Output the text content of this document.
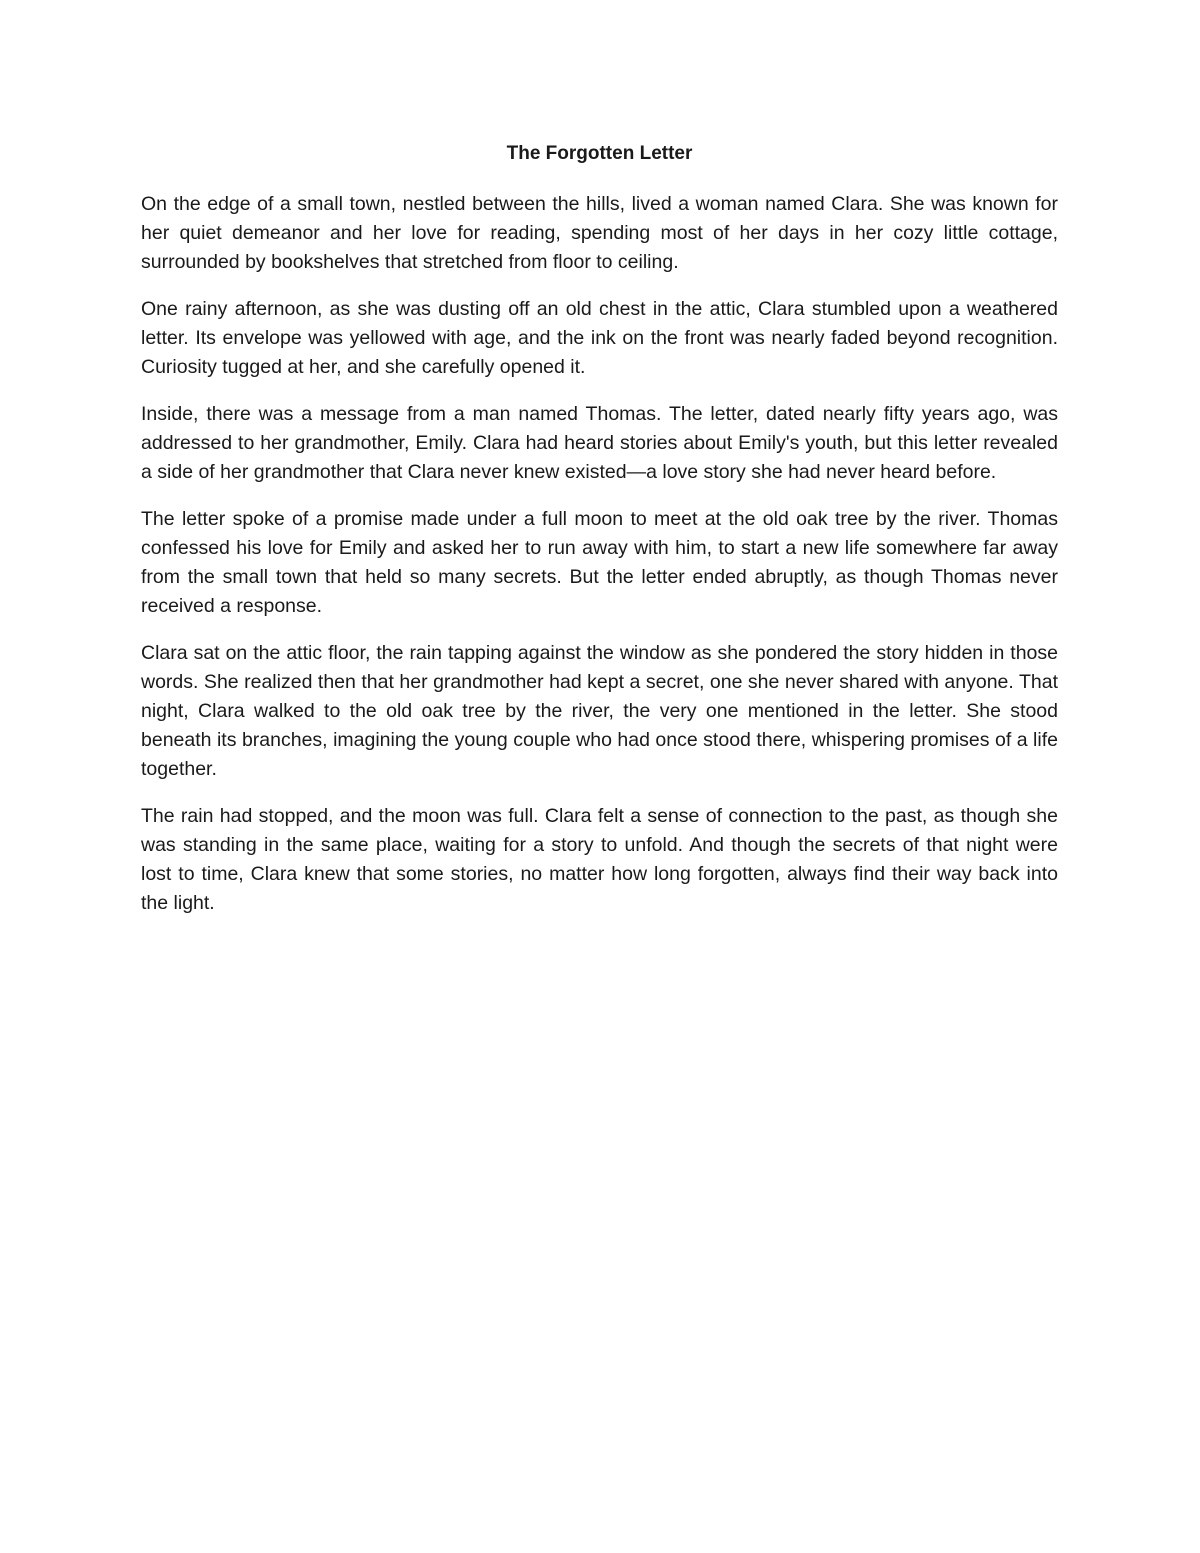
The Forgotten Letter

On the edge of a small town, nestled between the hills, lived a woman named Clara. She was known for her quiet demeanor and her love for reading, spending most of her days in her cozy little cottage, surrounded by bookshelves that stretched from floor to ceiling.

One rainy afternoon, as she was dusting off an old chest in the attic, Clara stumbled upon a weathered letter. Its envelope was yellowed with age, and the ink on the front was nearly faded beyond recognition. Curiosity tugged at her, and she carefully opened it.

Inside, there was a message from a man named Thomas. The letter, dated nearly fifty years ago, was addressed to her grandmother, Emily. Clara had heard stories about Emily's youth, but this letter revealed a side of her grandmother that Clara never knew existed—a love story she had never heard before.

The letter spoke of a promise made under a full moon to meet at the old oak tree by the river. Thomas confessed his love for Emily and asked her to run away with him, to start a new life somewhere far away from the small town that held so many secrets. But the letter ended abruptly, as though Thomas never received a response.

Clara sat on the attic floor, the rain tapping against the window as she pondered the story hidden in those words. She realized then that her grandmother had kept a secret, one she never shared with anyone. That night, Clara walked to the old oak tree by the river, the very one mentioned in the letter. She stood beneath its branches, imagining the young couple who had once stood there, whispering promises of a life together.

The rain had stopped, and the moon was full. Clara felt a sense of connection to the past, as though she was standing in the same place, waiting for a story to unfold. And though the secrets of that night were lost to time, Clara knew that some stories, no matter how long forgotten, always find their way back into the light.
